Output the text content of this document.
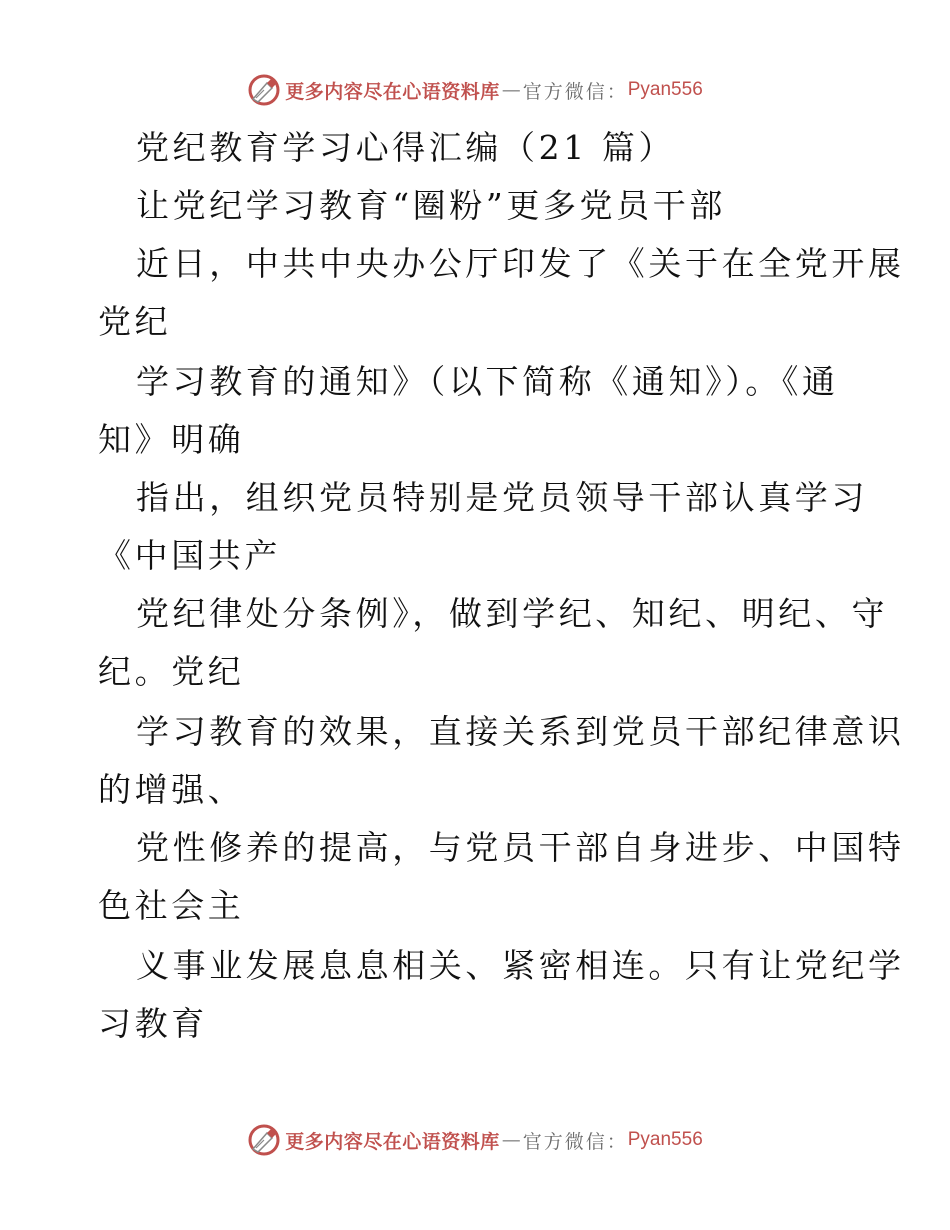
更多内容尽在心语资料库 — 官方微信： Pyan556
党纪教育学习心得汇编（21 篇）
让党纪学习教育“圈粉”更多党员干部
近日，中共中央办公厅印发了《关于在全党开展
党纪
学习教育的通知》（以下简称《通知》）。《通
知》明确
指出，组织党员特别是党员领导干部认真学习
《中国共产
党纪律处分条例》，做到学纪、知纪、明纪、守
纪。党纪
学习教育的效果，直接关系到党员干部纪律意识
的增强、
党性修养的提高，与党员干部自身进步、中国特
色社会主
义事业发展息息相关、紧密相连。只有让党纪学
习教育
更多内容尽在心语资料库 — 官方微信： Pyan556
